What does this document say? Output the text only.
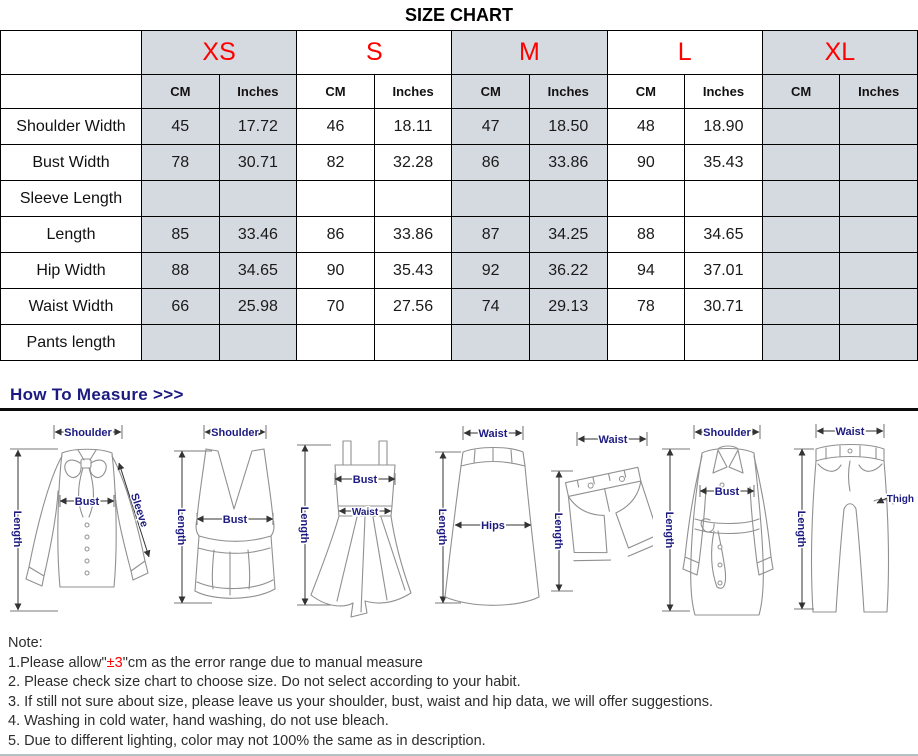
SIZE CHART
	XS		S		M		L		XL	
	CM	Inches	CM	Inches	CM	Inches	CM	Inches	CM	Inches
Shoulder Width	45	17.72	46	18.11	47	18.50	48	18.90		
Bust Width	78	30.71	82	32.28	86	33.86	90	35.43		
Sleeve Length										
Length	85	33.46	86	33.86	87	34.25	88	34.65		
Hip Width	88	34.65	90	35.43	92	36.22	94	37.01		
Waist Width	66	25.98	70	27.56	74	29.13	78	30.71		
Pants length										
How To Measure >>>
Shoulder
Bust	Sleeve
Length
Shoulder
Bust
Length
Bust
Waist
Length
Waist
Hips
Length
Waist
Length
Shoulder
Bust
Length
Waist
Thigh
Length
Note:
1.Please allow"±3"cm as the error range due to manual measure
2. Please check size chart to choose size. Do not select according to your habit.
3. If still not sure about size, please leave us your shoulder, bust, waist and hip data, we will offer suggestions.
4. Washing in cold water, hand washing, do not use bleach.
5. Due to different lighting, color may not 100% the same as in description.
